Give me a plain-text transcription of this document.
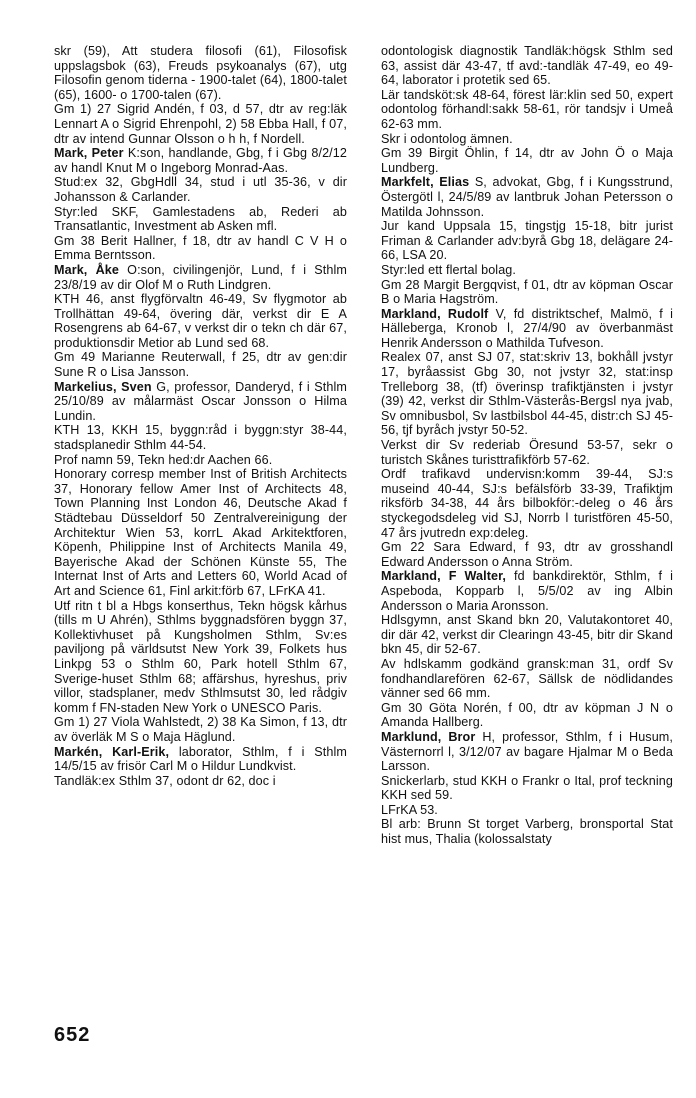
skr (59), Att studera filosofi (61), Filosofisk uppslagsbok (63), Freuds psykoanalys (67), utg Filosofin genom tiderna - 1900-talet (64), 1800-talet (65), 1600- o 1700-talen (67).

Gm 1) 27 Sigrid Andén, f 03, d 57, dtr av reg:läk Lennart A o Sigrid Ehrenpohl, 2) 58 Ebba Hall, f 07, dtr av intend Gunnar Olsson o h h, f Nordell.

Mark, Peter K:son, handlande, Gbg, f i Gbg 8/2/12 av handl Knut M o Ingeborg Monrad-Aas.

Stud:ex 32, GbgHdll 34, stud i utl 35-36, v dir Johansson & Carlander.

Styr:led SKF, Gamlestadens ab, Rederi ab Transatlantic, Investment ab Asken mfl.

Gm 38 Berit Hallner, f 18, dtr av handl C V H o Emma Berntsson.

Mark, Åke O:son, civilingenjör, Lund, f i Sthlm 23/8/19 av dir Olof M o Ruth Lindgren.

KTH 46, anst flygförvaltn 46-49, Sv flygmotor ab Trollhättan 49-64, övering där, verkst dir E A Rosengrens ab 64-67, v verkst dir o tekn ch där 67, produktionsdir Metior ab Lund sed 68.

Gm 49 Marianne Reuterwall, f 25, dtr av gen:dir Sune R o Lisa Jansson.

Markelius, Sven G, professor, Danderyd, f i Sthlm 25/10/89 av målarmäst Oscar Jonsson o Hilma Lundin.

KTH 13, KKH 15, byggn:råd i byggn:styr 38-44, stadsplanedir Sthlm 44-54.

Prof namn 59, Tekn hed:dr Aachen 66.

Honorary corresp member Inst of British Architects 37, Honorary fellow Amer Inst of Architects 48, Town Planning Inst London 46, Deutsche Akad f Städtebau Düsseldorf 50 Zentralvereinigung der Architektur Wien 53, korrL Akad Arkitektforen, Köpenh, Philippine Inst of Architects Manila 49, Bayerische Akad der Schönen Künste 55, The Internat Inst of Arts and Letters 60, World Acad of Art and Science 61, Finl arkit:förb 67, LFrKA 41.

Utf ritn t bl a Hbgs konserthus, Tekn högsk kårhus (tills m U Ahrén), Sthlms byggnadsfören byggn 37, Kollektivhuset på Kungsholmen Sthlm, Sv:es paviljong på världsutst New York 39, Folkets hus Linkpg 53 o Sthlm 60, Park hotell Sthlm 67, Sverige-huset Sthlm 68; affärshus, hyreshus, priv villor, stadsplaner, medv Sthlmsutst 30, led rådgiv komm f FN-staden New York o UNESCO Paris.

Gm 1) 27 Viola Wahlstedt, 2) 38 Ka Simon, f 13, dtr av överläk M S o Maja Häglund.

Markén, Karl-Erik, laborator, Sthlm, f i Sthlm 14/5/15 av frisör Carl M o Hildur Lundkvist.

Tandläk:ex Sthlm 37, odont dr 62, doc i

odontologisk diagnostik Tandläk:högsk Sthlm sed 63, assist där 43-47, tf avd:-tandläk 47-49, eo 49-64, laborator i protetik sed 65.

Lär tandsköt:sk 48-64, förest lär:klin sed 50, expert odontolog förhandl:sakk 58-61, rör tandsjv i Umeå 62-63 mm.

Skr i odontolog ämnen.

Gm 39 Birgit Öhlin, f 14, dtr av John Ö o Maja Lundberg.

Markfelt, Elias S, advokat, Gbg, f i Kungsstrund, Östergötl l, 24/5/89 av lantbruk Johan Petersson o Matilda Johnsson.

Jur kand Uppsala 15, tingstjg 15-18, bitr jurist Friman & Carlander adv:byrå Gbg 18, delägare 24-66, LSA 20.

Styr:led ett flertal bolag.

Gm 28 Margit Bergqvist, f 01, dtr av köpman Oscar B o Maria Hagström.

Markland, Rudolf V, fd distriktschef, Malmö, f i Hälleberga, Kronob l, 27/4/90 av överbanmäst Henrik Andersson o Mathilda Tufveson.

Realex 07, anst SJ 07, stat:skriv 13, bokhåll jvstyr 17, byråassist Gbg 30, not jvstyr 32, stat:insp Trelleborg 38, (tf) överinsp trafiktjänsten i jvstyr (39) 42, verkst dir Sthlm-Västerås-Bergsl nya jvab, Sv omnibusbol, Sv lastbilsbol 44-45, distr:ch SJ 45-56, tjf byråch jvstyr 50-52.

Verkst dir Sv rederiab Öresund 53-57, sekr o turistch Skånes turisttrafikförb 57-62.

Ordf trafikavd undervisn:komm 39-44, SJ:s museind 40-44, SJ:s befälsförb 33-39, Trafiktjm riksförb 34-38, 44 års bilbokför:-deleg o 46 års styckegodsdeleg vid SJ, Norrb l turistfören 45-50, 47 års jvutredn exp:deleg.

Gm 22 Sara Edward, f 93, dtr av grosshandl Edward Andersson o Anna Ström.

Markland, F Walter, fd bankdirektör, Sthlm, f i Aspeboda, Kopparb l, 5/5/02 av ing Albin Andersson o Maria Aronsson.

Hdlsgymn, anst Skand bkn 20, Valutakontoret 40, dir där 42, verkst dir Clearingn 43-45, bitr dir Skand bkn 45, dir 52-67.

Av hdlskamm godkänd gransk:man 31, ordf Sv fondhandlarefören 62-67, Sällsk de nödlidandes vänner sed 66 mm.

Gm 30 Göta Norén, f 00, dtr av köpman J N o Amanda Hallberg.

Marklund, Bror H, professor, Sthlm, f i Husum, Västernorrl l, 3/12/07 av bagare Hjalmar M o Beda Larsson.

Snickerlarb, stud KKH o Frankr o Ital, prof teckning KKH sed 59.

LFrKA 53.

Bl arb: Brunn St torget Varberg, bronsportal Stat hist mus, Thalia (kolossalstaty

652
